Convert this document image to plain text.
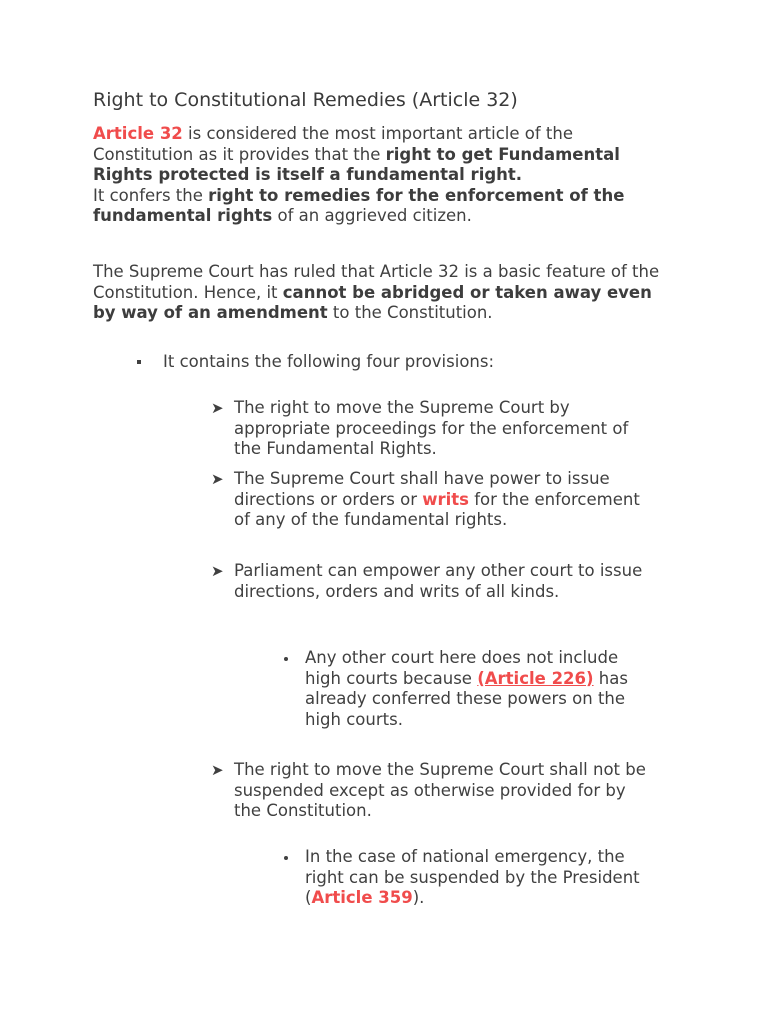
Right to Constitutional Remedies (Article 32)
Article 32 is considered the most important article of the Constitution as it provides that the right to get Fundamental Rights protected is itself a fundamental right.
It confers the right to remedies for the enforcement of the fundamental rights of an aggrieved citizen.
The Supreme Court has ruled that Article 32 is a basic feature of the Constitution. Hence, it cannot be abridged or taken away even by way of an amendment to the Constitution.
It contains the following four provisions:
➤ The right to move the Supreme Court by appropriate proceedings for the enforcement of the Fundamental Rights.
➤ The Supreme Court shall have power to issue directions or orders or writs for the enforcement of any of the fundamental rights.
➤ Parliament can empower any other court to issue directions, orders and writs of all kinds.
Any other court here does not include high courts because (Article 226) has already conferred these powers on the high courts.
➤ The right to move the Supreme Court shall not be suspended except as otherwise provided for by the Constitution.
In the case of national emergency, the right can be suspended by the President (Article 359).
